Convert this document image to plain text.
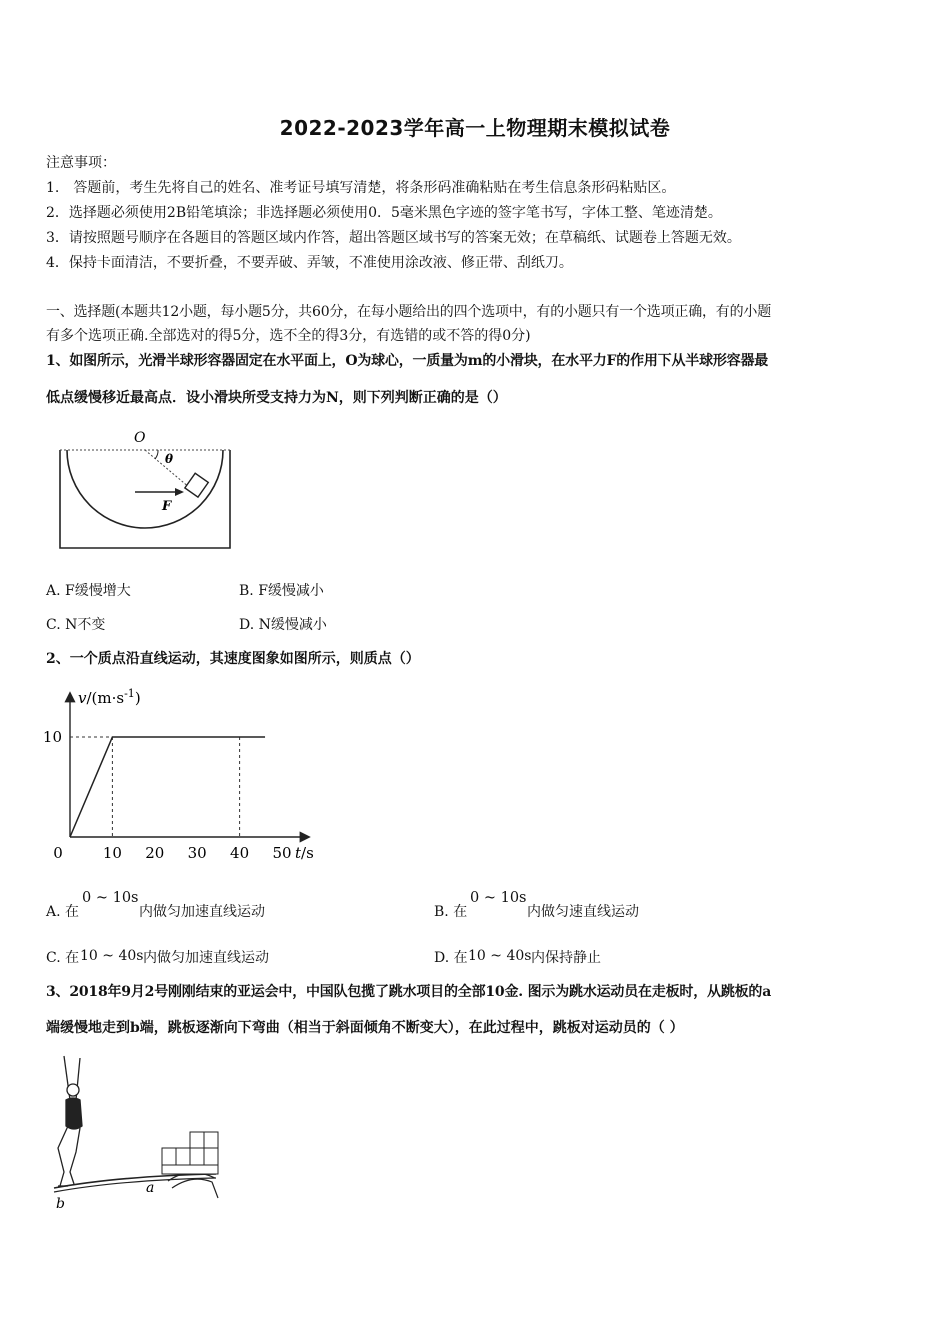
2022-2023学年高一上物理期末模拟试卷
注意事项：
1.　答题前，考生先将自己的姓名、准考证号填写清楚，将条形码准确粘贴在考生信息条形码粘贴区。
2．选择题必须使用2B铅笔填涂；非选择题必须使用0．5毫米黑色字迹的签字笔书写，字体工整、笔迹清楚。
3．请按照题号顺序在各题目的答题区域内作答，超出答题区域书写的答案无效；在草稿纸、试题卷上答题无效。
4．保持卡面清洁，不要折叠，不要弄破、弄皱，不准使用涂改液、修正带、刮纸刀。
一、选择题(本题共12小题，每小题5分，共60分，在每小题给出的四个选项中，有的小题只有一个选项正确，有的小题
有多个选项正确.全部选对的得5分，选不全的得3分，有选错的或不答的得0分)
1、如图所示，光滑半球形容器固定在水平面上，O为球心，一质量为m的小滑块，在水平力F的作用下从半球形容器最
低点缓慢移近最高点．设小滑块所受支持力为N，则下列判断正确的是（）
O
θ
F
A. F缓慢增大	B. F缓慢减小
C. N不变	D. N缓慢减小
2、一个质点沿直线运动，其速度图象如图所示，则质点（）
0	10 20 30 40 50
10
$v/(m\cdot s^{-1})$
t/s
A. 在
0 ~ 10s
内做匀加速直线运动	B. 在
0 ~ 10s
内做匀速直线运动
C. 在 10 ~ 40s 内做匀加速直线运动	D. 在 10 ~ 40s 内保持静止
3、2018年9月2号刚刚结束的亚运会中，中国队包揽了跳水项目的全部10金. 图示为跳水运动员在走板时，从跳板的a
端缓慢地走到b端，跳板逐渐向下弯曲（相当于斜面倾角不断变大），在此过程中，跳板对运动员的（ ）
a
b
